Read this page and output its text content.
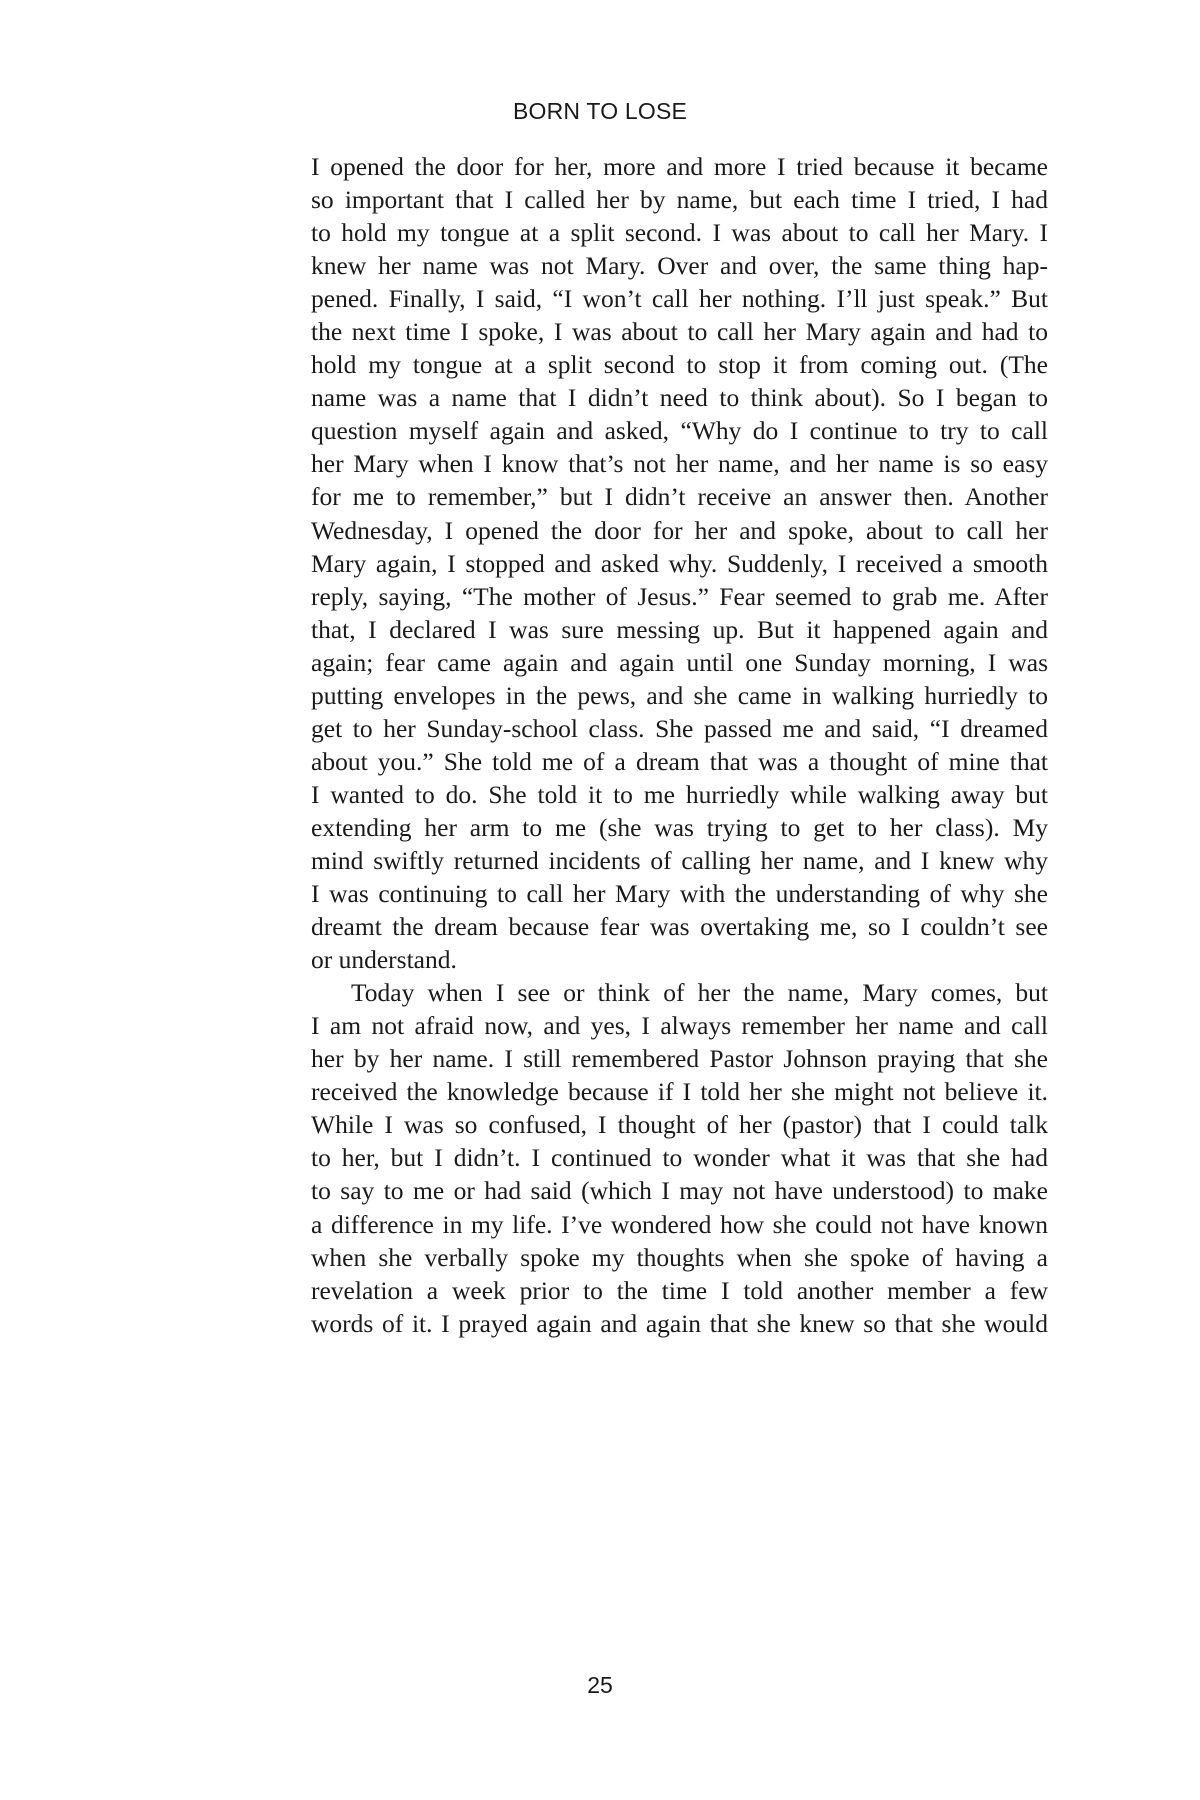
BORN TO LOSE
I opened the door for her, more and more I tried because it became
so important that I called her by name, but each time I tried, I had
to hold my tongue at a split second. I was about to call her Mary. I
knew her name was not Mary. Over and over, the same thing hap-
pened. Finally, I said, “I won’t call her nothing. I’ll just speak.” But
the next time I spoke, I was about to call her Mary again and had to
hold my tongue at a split second to stop it from coming out. (The
name was a name that I didn’t need to think about). So I began to
question myself again and asked, “Why do I continue to try to call
her Mary when I know that’s not her name, and her name is so easy
for me to remember,” but I didn’t receive an answer then. Another
Wednesday, I opened the door for her and spoke, about to call her
Mary again, I stopped and asked why. Suddenly, I received a smooth
reply, saying, “The mother of Jesus.” Fear seemed to grab me. After
that, I declared I was sure messing up. But it happened again and
again; fear came again and again until one Sunday morning, I was
putting envelopes in the pews, and she came in walking hurriedly to
get to her Sunday-school class. She passed me and said, “I dreamed
about you.” She told me of a dream that was a thought of mine that
I wanted to do. She told it to me hurriedly while walking away but
extending her arm to me (she was trying to get to her class). My
mind swiftly returned incidents of calling her name, and I knew why
I was continuing to call her Mary with the understanding of why she
dreamt the dream because fear was overtaking me, so I couldn’t see
or understand.
Today when I see or think of her the name, Mary comes, but
I am not afraid now, and yes, I always remember her name and call
her by her name. I still remembered Pastor Johnson praying that she
received the knowledge because if I told her she might not believe it.
While I was so confused, I thought of her (pastor) that I could talk
to her, but I didn’t. I continued to wonder what it was that she had
to say to me or had said (which I may not have understood) to make
a difference in my life. I’ve wondered how she could not have known
when she verbally spoke my thoughts when she spoke of having a
revelation a week prior to the time I told another member a few
words of it. I prayed again and again that she knew so that she would
25
